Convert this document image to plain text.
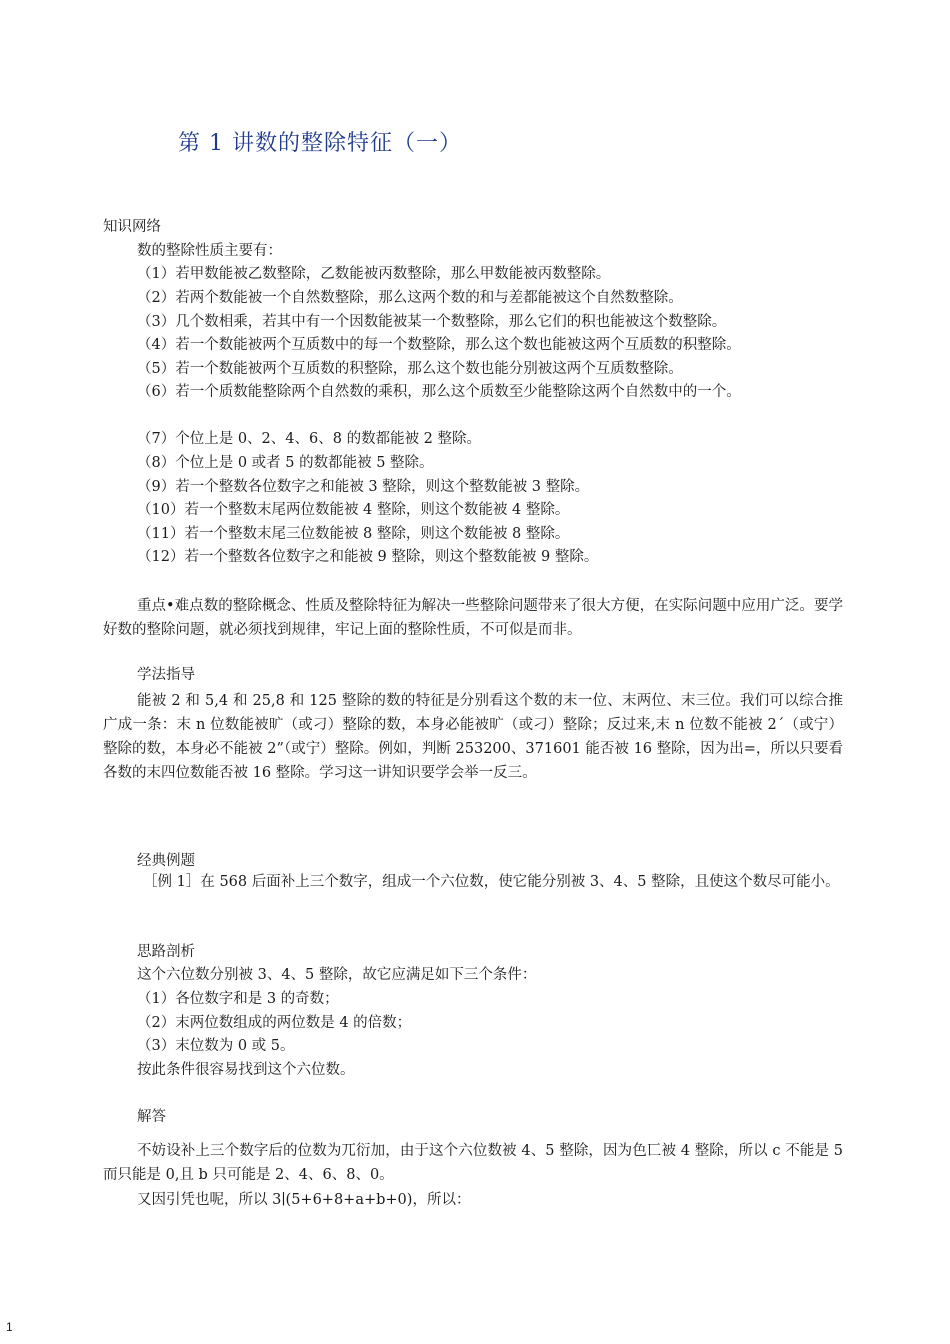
第 1 讲数的整除特征（一）
知识网络
数的整除性质主要有：
（1）若甲数能被乙数整除，乙数能被丙数整除，那么甲数能被丙数整除。
（2）若两个数能被一个自然数整除，那么这两个数的和与差都能被这个自然数整除。
（3）几个数相乘，若其中有一个因数能被某一个数整除，那么它们的积也能被这个数整除。
（4）若一个数能被两个互质数中的每一个数整除，那么这个数也能被这两个互质数的积整除。
（5）若一个数能被两个互质数的积整除，那么这个数也能分别被这两个互质数整除。
（6）若一个质数能整除两个自然数的乘积，那么这个质数至少能整除这两个自然数中的一个。
（7）个位上是 0、2、4、6、8 的数都能被 2 整除。
（8）个位上是 0 或者 5 的数都能被 5 整除。
（9）若一个整数各位数字之和能被 3 整除，则这个整数能被 3 整除。
（10）若一个整数末尾两位数能被 4 整除，则这个数能被 4 整除。
（11）若一个整数末尾三位数能被 8 整除，则这个数能被 8 整除。
（12）若一个整数各位数字之和能被 9 整除，则这个整数能被 9 整除。
重点•难点数的整除概念、性质及整除特征为解决一些整除问题带来了很大方便，在实际问题中应用广泛。要学好数的整除问题，就必须找到规律，牢记上面的整除性质，不可似是而非。
学法指导
能被 2 和 5,4 和 25,8 和 125 整除的数的特征是分别看这个数的末一位、末两位、末三位。我们可以综合推广成一条：末 n 位数能被旷（或刁）整除的数，本身必能被旷（或刁）整除；反过来,末 n 位数不能被 2ˊ（或宁）整除的数，本身必不能被 2”（或宁）整除。例如，判断 253200、371601 能否被 16 整除，因为出=，所以只要看各数的末四位数能否被 16 整除。学习这一讲知识要学会举一反三。
经典例题
［例 1］在 568 后面补上三个数字，组成一个六位数，使它能分别被 3、4、5 整除，且使这个数尽可能小。
思路剖析
这个六位数分别被 3、4、5 整除，故它应满足如下三个条件：
（1）各位数字和是 3 的奇数；
（2）末两位数组成的两位数是 4 的倍数；
（3）末位数为 0 或 5。
按此条件很容易找到这个六位数。
解答
不妨设补上三个数字后的位数为兀衍加，由于这个六位数被 4、5 整除，因为色匸被 4 整除，所以 c 不能是 5 而只能是 0,且 b 只可能是 2、4、6、8、0。
又因引凭也呢，所以 3∣(5+6+8+a+b+0)，所以：
1
